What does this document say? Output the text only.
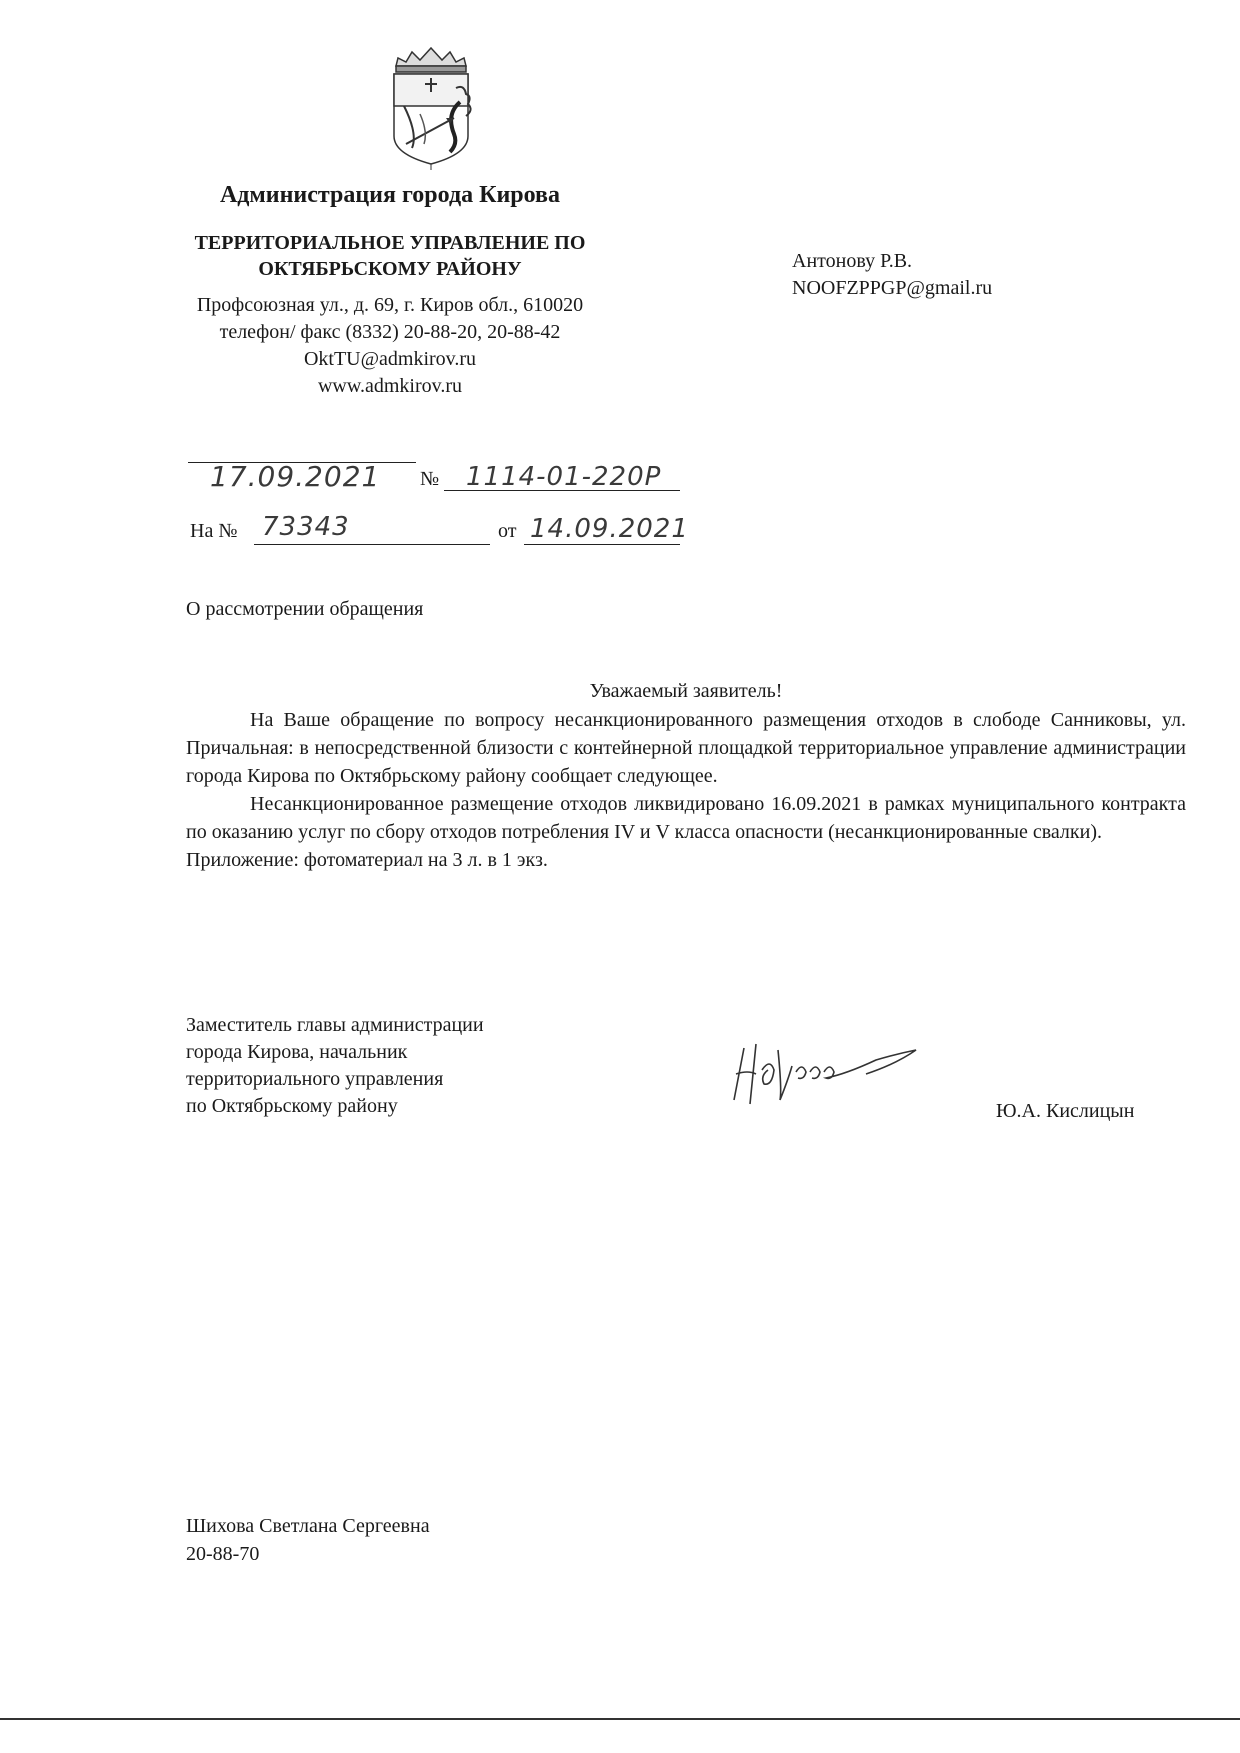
Администрация города Кирова
ТЕРРИТОРИАЛЬНОЕ УПРАВЛЕНИЕ ПО
ОКТЯБРЬСКОМУ РАЙОНУ
Профсоюзная ул., д. 69, г. Киров обл., 610020
телефон/ факс (8332) 20-88-20, 20-88-42
OktTU@admkirov.ru
www.admkirov.ru
Антонову Р.В.
NOOFZPPGP@gmail.ru
17.09.2021 № 1114-01-220Р
На № 73343	от 14.09.2021
О рассмотрении обращения
Уважаемый заявитель!

На Ваше обращение по вопросу несанкционированного размещения отходов в слободе Санниковы, ул. Причальная: в непосредственной близости с контейнерной площадкой территориальное управление администрации города Кирова по Октябрьскому району сообщает следующее.

Несанкционированное размещение отходов ликвидировано 16.09.2021 в рамках муниципального контракта по оказанию услуг по сбору отходов потребления IV и V класса опасности (несанкционированные свалки).

Приложение: фотоматериал на 3 л. в 1 экз.

Заместитель главы администрации
города Кирова, начальник
территориального управления
по Октябрьскому району	Ю.А. Кислицын
Шихова Светлана Сергеевна
20-88-70
